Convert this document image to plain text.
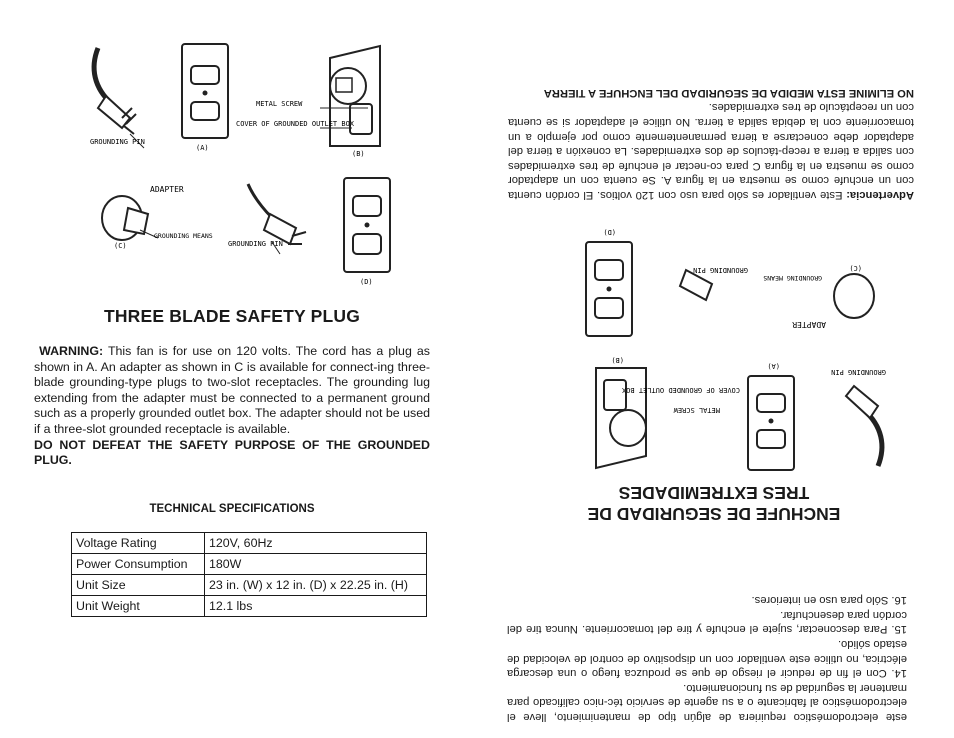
GROUNDING PIN
(A)
METAL SCREW
COVER OF GROUNDED OUTLET BOX
(B)
ADAPTER
GROUNDING MEANS
(C)	GROUNDING PIN
(D)
THREE BLADE SAFETY PLUG

WARNING: This fan is for use on 120 volts. The cord has a plug as shown in A. An adapter as shown in C is available for connect-ing three-blade grounding-type plugs to two-slot receptacles. The grounding lug extending from the adapter must be connected to a permanent ground such as a properly grounded outlet box. The adapter should not be used if a three-slot grounded receptacle is available.

DO NOT DEFEAT THE SAFETY PURPOSE OF THE GROUNDED PLUG.

TECHNICAL SPECIFICATIONS
Voltage Rating	120V, 60Hz
Power Consumption	180W
Unit Size	23 in. (W) x 12 in. (D) x 22.25 in. (H)
Unit Weight	12.1 lbs

este electrodoméstico requiriera de algún tipo de mantenimiento, lleve el electrodoméstico al fabricante o a su agente de servicio téc-nico calificado para mantener la seguridad de su funcionamiento.

14. Con el fin de reducir el riesgo de que se produzca fuego o una descarga eléctrica, no utilice este ventilador con un dispositivo de control de velocidad de estado sólido.

15. Para desconectar, sujete el enchufe y tire del tomacorriente. Nunca tire del cordón para desenchufar.

16. Sólo para uso en interiores.

ENCHUFE DE SEGURIDAD DE
TRES EXTREMIDADES
GROUNDING PIN
(A)
METAL SCREW
COVER OF GROUNDED OUTLET BOX
(B)
ADAPTER
GROUNDING MEANS
(C)
GROUNDING PIN
(D)

Advertencia: Este ventilador es sólo para uso con 120 voltios. El cordón cuenta con un enchufe como se muestra en la figura A. Se cuenta con un adaptador como se muestra en la figura C para co-nectar el enchufe de tres extremidades con salida a tierra a recep-táculos de dos extremidades. La conexión a tierra del adaptador debe conectarse a tierra permanentemente como por ejemplo a un tomacorriente con la debida salida a tierra. No utilice el adaptador si se cuenta con un receptáculo de tres extremidades.

NO ELIMINE ESTA MEDIDA DE SEGURIDAD DEL ENCHUFE A TIERRA
